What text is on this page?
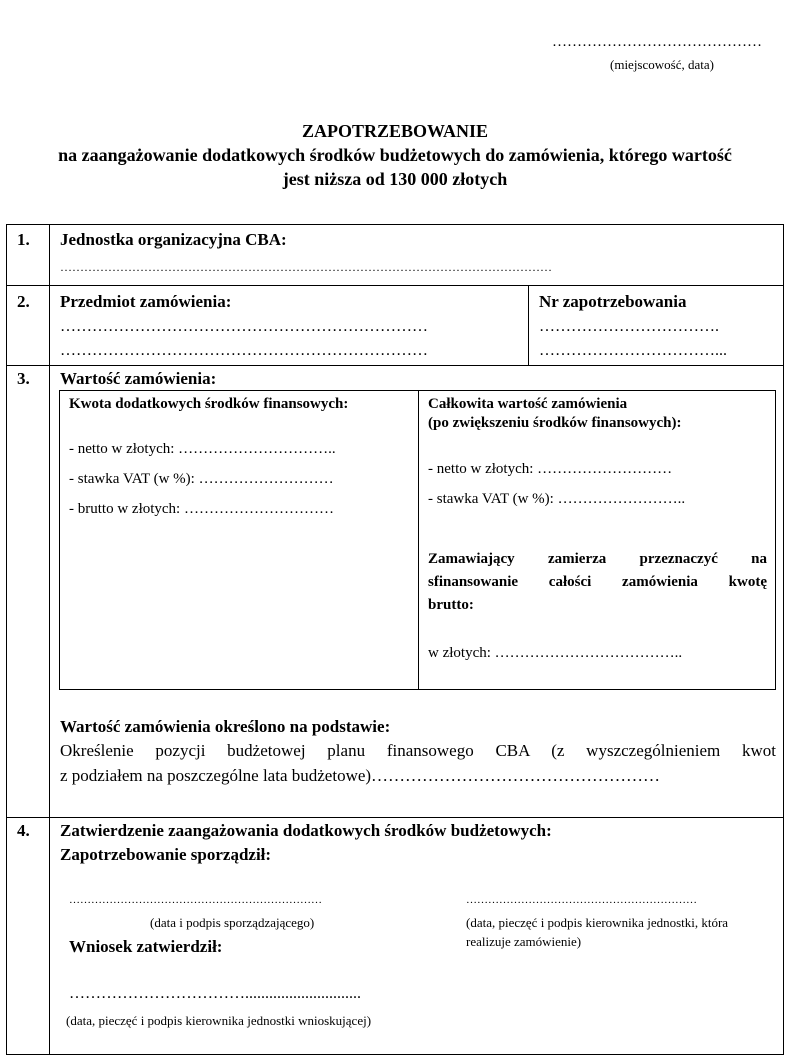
……………………………………
(miejscowość, data)
ZAPOTRZEBOWANIE
na zaangażowanie dodatkowych środków budżetowych do zamówienia, którego wartość
jest niższa od 130 000 złotych
1. Jednostka organizacyjna CBA:
……………………………………………………………………………………………………………
2. Przedmiot zamówienia:
……………………………………………………………
……………………………………………………………
Nr zapotrzebowania
…………………………….
……………………………...
3. Wartość zamówienia:
Kwota dodatkowych środków finansowych:
- netto w złotych: …………………………..
- stawka VAT (w %): ………………………
- brutto w złotych: …………………………
Całkowita wartość zamówienia
(po zwiększeniu środków finansowych):
- netto w złotych: ………………………
- stawka VAT (w %): ……………………..
Zamawiający zamierza przeznaczyć na
sfinansowanie całości zamówienia kwotę
brutto:
w złotych: ………………………………..
Wartość zamówienia określono na podstawie:
Określenie pozycji budżetowej planu finansowego CBA (z wyszczególnieniem kwot
z podziałem na poszczególne lata budżetowe)……………………………………………
4. Zatwierdzenie zaangażowania dodatkowych środków budżetowych:
Zapotrzebowanie sporządził:
……………………………………………………………
(data i podpis sporządzającego)
………………………………………………………
(data, pieczęć i podpis kierownika jednostki, która
realizuje zamówienie)
Wniosek zatwierdził:
…………………………….............................
(data, pieczęć i podpis kierownika jednostki wnioskującej)
